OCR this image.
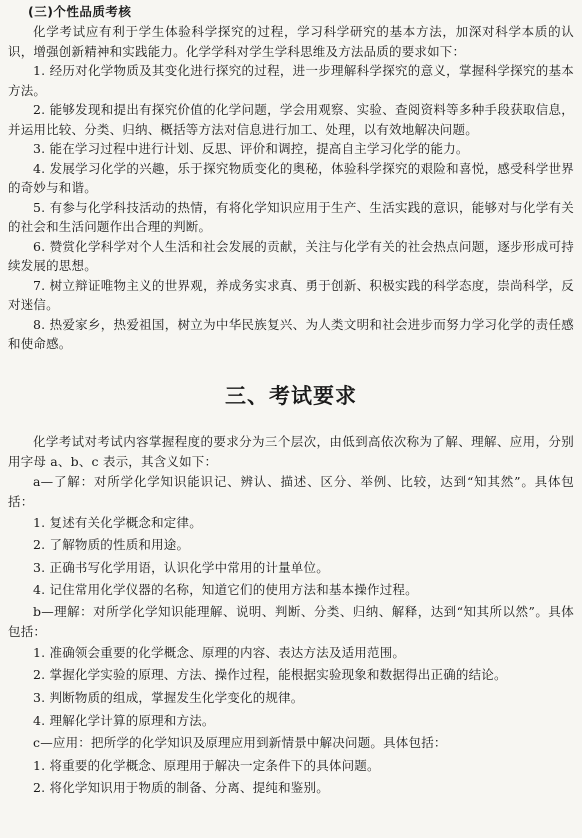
(三)个性品质考核

化学考试应有利于学生体验科学探究的过程，学习科学研究的基本方法，加深对科学本质的认识，增强创新精神和实践能力。化学学科对学生学科思维及方法品质的要求如下：

1. 经历对化学物质及其变化进行探究的过程，进一步理解科学探究的意义，掌握科学探究的基本方法。

2. 能够发现和提出有探究价值的化学问题，学会用观察、实验、查阅资料等多种手段获取信息，并运用比较、分类、归纳、概括等方法对信息进行加工、处理，以有效地解决问题。

3. 能在学习过程中进行计划、反思、评价和调控，提高自主学习化学的能力。

4. 发展学习化学的兴趣，乐于探究物质变化的奥秘，体验科学探究的艰险和喜悦，感受科学世界的奇妙与和谐。

5. 有参与化学科技活动的热情，有将化学知识应用于生产、生活实践的意识，能够对与化学有关的社会和生活问题作出合理的判断。

6. 赞赏化学科学对个人生活和社会发展的贡献，关注与化学有关的社会热点问题，逐步形成可持续发展的思想。

7. 树立辩证唯物主义的世界观，养成务实求真、勇于创新、积极实践的科学态度，崇尚科学，反对迷信。

8. 热爱家乡，热爱祖国，树立为中华民族复兴、为人类文明和社会进步而努力学习化学的责任感和使命感。

三、考试要求

化学考试对考试内容掌握程度的要求分为三个层次，由低到高依次称为了解、理解、应用，分别用字母 a、b、c 表示，其含义如下：

a—了解：对所学化学知识能识记、辨认、描述、区分、举例、比较，达到“知其然”。具体包括：

1. 复述有关化学概念和定律。

2. 了解物质的性质和用途。

3. 正确书写化学用语，认识化学中常用的计量单位。

4. 记住常用化学仪器的名称，知道它们的使用方法和基本操作过程。

b—理解：对所学化学知识能理解、说明、判断、分类、归纳、解释，达到“知其所以然”。具体包括：

1. 准确领会重要的化学概念、原理的内容、表达方法及适用范围。

2. 掌握化学实验的原理、方法、操作过程，能根据实验现象和数据得出正确的结论。

3. 判断物质的组成，掌握发生化学变化的规律。

4. 理解化学计算的原理和方法。

c—应用：把所学的化学知识及原理应用到新情景中解决问题。具体包括：

1. 将重要的化学概念、原理用于解决一定条件下的具体问题。

2. 将化学知识用于物质的制备、分离、提纯和鉴别。
